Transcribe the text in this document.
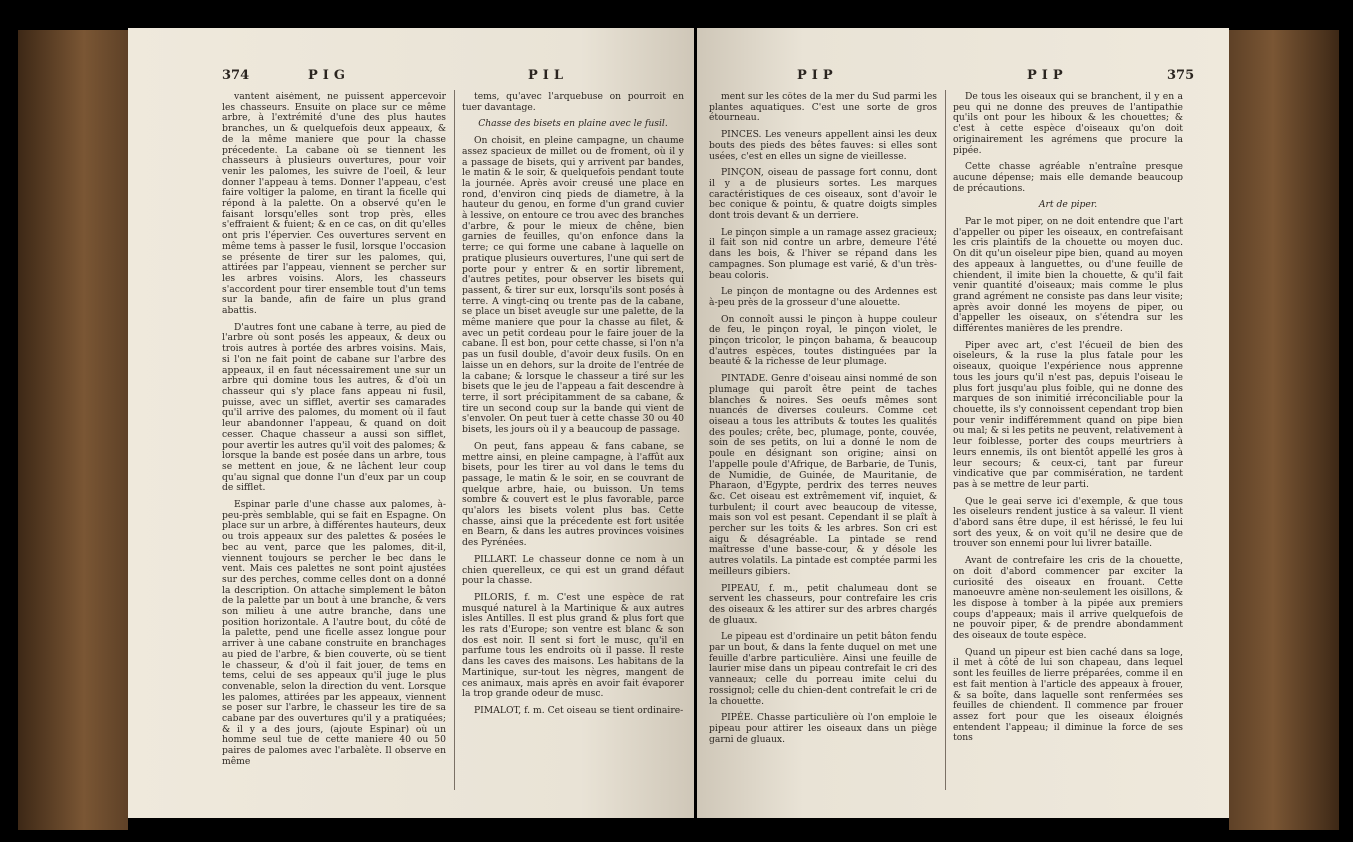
374	PIG	PIL

vantent aisément, ne puissent appercevoir les chasseurs. Ensuite on place sur ce même arbre, à l'extrémité d'une des plus hautes branches, un & quelquefois deux appeaux, & de la même maniere que pour la chasse précedente. La cabane où se tiennent les chasseurs à plusieurs ouvertures, pour voir venir les palomes, les suivre de l'oeil, & leur donner l'appeau à tems. Donner l'appeau, c'est faire voltiger la palome, en tirant la ficelle qui répond à la palette. On a observé qu'en le faisant lorsqu'elles sont trop près, elles s'effraient & fuient; & en ce cas, on dit qu'elles ont pris l'épervier. Ces ouvertures servent en même tems à passer le fusil, lorsque l'occasion se présente de tirer sur les palomes, qui, attirées par l'appeau, viennent se percher sur les arbres voisins. Alors, les chasseurs s'accordent pour tirer ensemble tout d'un tems sur la bande, afin de faire un plus grand abattis.

D'autres font une cabane à terre, au pied de l'arbre où sont posés les appeaux, & deux ou trois autres à portée des arbres voisins. Mais, si l'on ne fait point de cabane sur l'arbre des appeaux, il en faut nécessairement une sur un arbre qui domine tous les autres, & d'où un chasseur qui s'y place fans appeau ni fusil, puisse, avec un sifflet, avertir ses camarades qu'il arrive des palomes, du moment où il faut leur abandonner l'appeau, & quand on doit cesser. Chaque chasseur a aussi son sifflet, pour avertir les autres qu'il voit des palomes; & lorsque la bande est posée dans un arbre, tous se mettent en joue, & ne lâchent leur coup qu'au signal que donne l'un d'eux par un coup de sifflet.

Espinar parle d'une chasse aux palomes, à-peu-près semblable, qui se fait en Espagne. On place sur un arbre, à différentes hauteurs, deux ou trois appeaux sur des palettes & posées le bec au vent, parce que les palomes, dit-il, viennent toujours se percher le bec dans le vent. Mais ces palettes ne sont point ajustées sur des perches, comme celles dont on a donné la description. On attache simplement le bâton de la palette par un bout à une branche, & vers son milieu à une autre branche, dans une position horizontale. A l'autre bout, du côté de la palette, pend une ficelle assez longue pour arriver à une cabane construite en branchages au pied de l'arbre, & bien couverte, où se tient le chasseur, & d'où il fait jouer, de tems en tems, celui de ses appeaux qu'il juge le plus convenable, selon la direction du vent. Lorsque les palomes, attirées par les appeaux, viennent se poser sur l'arbre, le chasseur les tire de sa cabane par des ouvertures qu'il y a pratiquées; & il y a des jours, (ajoute Espinar) où un homme seul tue de cette maniere 40 ou 50 paires de palomes avec l'arbalète. Il observe en même

tems, qu'avec l'arquebuse on pourroit en tuer davantage.

Chasse des bisets en plaine avec le fusil.

On choisit, en pleine campagne, un chaume assez spacieux de millet ou de froment, où il y a passage de bisets, qui y arrivent par bandes, le matin & le soir, & quelquefois pendant toute la journée. Après avoir creusé une place en rond, d'environ cinq pieds de diametre, à la hauteur du genou, en forme d'un grand cuvier à lessive, on entoure ce trou avec des branches d'arbre, & pour le mieux de chêne, bien garnies de feuilles, qu'on enfonce dans la terre; ce qui forme une cabane à laquelle on pratique plusieurs ouvertures, l'une qui sert de porte pour y entrer & en sortir librement, d'autres petites, pour observer les bisets qui passent, & tirer sur eux, lorsqu'ils sont posés à terre. A vingt-cinq ou trente pas de la cabane, se place un biset aveugle sur une palette, de la même maniere que pour la chasse au filet, & avec un petit cordeau pour le faire jouer de la cabane. Il est bon, pour cette chasse, si l'on n'a pas un fusil double, d'avoir deux fusils. On en laisse un en dehors, sur la droite de l'entrée de la cabane; & lorsque le chasseur a tiré sur les bisets que le jeu de l'appeau a fait descendre à terre, il sort précipitamment de sa cabane, & tire un second coup sur la bande qui vient de s'envoler. On peut tuer à cette chasse 30 ou 40 bisets, les jours où il y a beaucoup de passage.

On peut, fans appeau & fans cabane, se mettre ainsi, en pleine campagne, à l'affût aux bisets, pour les tirer au vol dans le tems du passage, le matin & le soir, en se couvrant de quelque arbre, haie, ou buisson. Un tems sombre & couvert est le plus favorable, parce qu'alors les bisets volent plus bas. Cette chasse, ainsi que la précedente est fort usitée en Bearn, & dans les autres provinces voisines des Pyrénées.

PILLART. Le chasseur donne ce nom à un chien querelleux, ce qui est un grand défaut pour la chasse.

PILORIS, f. m. C'est une espèce de rat musqué naturel à la Martinique & aux autres isles Antilles. Il est plus grand & plus fort que les rats d'Europe; son ventre est blanc & son dos est noir. Il sent si fort le musc, qu'il en parfume tous les endroits où il passe. Il reste dans les caves des maisons. Les habitans de la Martinique, sur-tout les nègres, mangent de ces animaux, mais après en avoir fait évaporer la trop grande odeur de musc.

PIMALOT, f. m. Cet oiseau se tient ordinaire-

PIP	PIP	375

ment sur les côtes de la mer du Sud parmi les plantes aquatiques. C'est une sorte de gros étourneau.

PINCES. Les veneurs appellent ainsi les deux bouts des pieds des bêtes fauves: si elles sont usées, c'est en elles un signe de vieillesse.

PINÇON, oiseau de passage fort connu, dont il y a de plusieurs sortes. Les marques caractéristiques de ces oiseaux, sont d'avoir le bec conique & pointu, & quatre doigts simples dont trois devant & un derriere.

Le pinçon simple a un ramage assez gracieux; il fait son nid contre un arbre, demeure l'été dans les bois, & l'hiver se répand dans les campagnes. Son plumage est varié, & d'un très-beau coloris.

Le pinçon de montagne ou des Ardennes est à-peu près de la grosseur d'une alouette.

On connoît aussi le pinçon à huppe couleur de feu, le pinçon royal, le pinçon violet, le pinçon tricolor, le pinçon bahama, & beaucoup d'autres espèces, toutes distinguées par la beauté & la richesse de leur plumage.

PINTADE. Genre d'oiseau ainsi nommé de son plumage qui paroît être peint de taches blanches & noires. Ses oeufs mêmes sont nuancés de diverses couleurs. Comme cet oiseau a tous les attributs & toutes les qualités des poules; crête, bec, plumage, ponte, couvée, soin de ses petits, on lui a donné le nom de poule en désignant son origine; ainsi on l'appelle poule d'Afrique, de Barbarie, de Tunis, de Numidie, de Guinée, de Mauritanie, de Pharaon, d'Egypte, perdrix des terres neuves &c. Cet oiseau est extrêmement vif, inquiet, & turbulent; il court avec beaucoup de vitesse, mais son vol est pesant. Cependant il se plaît à percher sur les toits & les arbres. Son cri est aigu & désagréable. La pintade se rend maîtresse d'une basse-cour, & y désole les autres volatils. La pintade est comptée parmi les meilleurs gibiers.

PIPEAU, f. m., petit chalumeau dont se servent les chasseurs, pour contrefaire les cris des oiseaux & les attirer sur des arbres chargés de gluaux.

Le pipeau est d'ordinaire un petit bâton fendu par un bout, & dans la fente duquel on met une feuille d'arbre particulière. Ainsi une feuille de laurier mise dans un pipeau contrefait le cri des vanneaux; celle du porreau imite celui du rossignol; celle du chien-dent contrefait le cri de la chouette.

PIPÉE. Chasse particulière où l'on emploie le pipeau pour attirer les oiseaux dans un piège garni de gluaux.

De tous les oiseaux qui se branchent, il y en a peu qui ne donne des preuves de l'antipathie qu'ils ont pour les hiboux & les chouettes; & c'est à cette espèce d'oiseaux qu'on doit originairement les agrémens que procure la pipée.

Cette chasse agréable n'entraîne presque aucune dépense; mais elle demande beaucoup de précautions.

Art de piper.

Par le mot piper, on ne doit entendre que l'art d'appeller ou piper les oiseaux, en contrefaisant les cris plaintifs de la chouette ou moyen duc. On dit qu'un oiseleur pipe bien, quand au moyen des appeaux à languettes, ou d'une feuille de chiendent, il imite bien la chouette, & qu'il fait venir quantité d'oiseaux; mais comme le plus grand agrément ne consiste pas dans leur visite; après avoir donné les moyens de piper, ou d'appeller les oiseaux, on s'étendra sur les différentes manières de les prendre.

Piper avec art, c'est l'écueil de bien des oiseleurs, & la ruse la plus fatale pour les oiseaux, quoique l'expérience nous apprenne tous les jours qu'il n'est pas, depuis l'oiseau le plus fort jusqu'au plus foible, qui ne donne des marques de son inimitié irréconciliable pour la chouette, ils s'y connoissent cependant trop bien pour venir indifféremment quand on pipe bien ou mal; & si les petits ne peuvent, relativement à leur foiblesse, porter des coups meurtriers à leurs ennemis, ils ont bientôt appellé les gros à leur secours; & ceux-ci, tant par fureur vindicative que par commisération, ne tardent pas à se mettre de leur parti.

Que le geai serve ici d'exemple, & que tous les oiseleurs rendent justice à sa valeur. Il vient d'abord sans être dupe, il est hérissé, le feu lui sort des yeux, & on voit qu'il ne desire que de trouver son ennemi pour lui livrer bataille.

Avant de contrefaire les cris de la chouette, on doit d'abord commencer par exciter la curiosité des oiseaux en frouant. Cette manoeuvre amène non-seulement les oisillons, & les dispose à tomber à la pipée aux premiers coups d'appeaux; mais il arrive quelquefois de ne pouvoir piper, & de prendre abondamment des oiseaux de toute espèce.

Quand un pipeur est bien caché dans sa loge, il met à côté de lui son chapeau, dans lequel sont les feuilles de lierre préparées, comme il en est fait mention à l'article des appeaux à frouer, & sa boîte, dans laquelle sont renfermées ses feuilles de chiendent. Il commence par frouer assez fort pour que les oiseaux éloignés entendent l'appeau; il diminue la force de ses tons
